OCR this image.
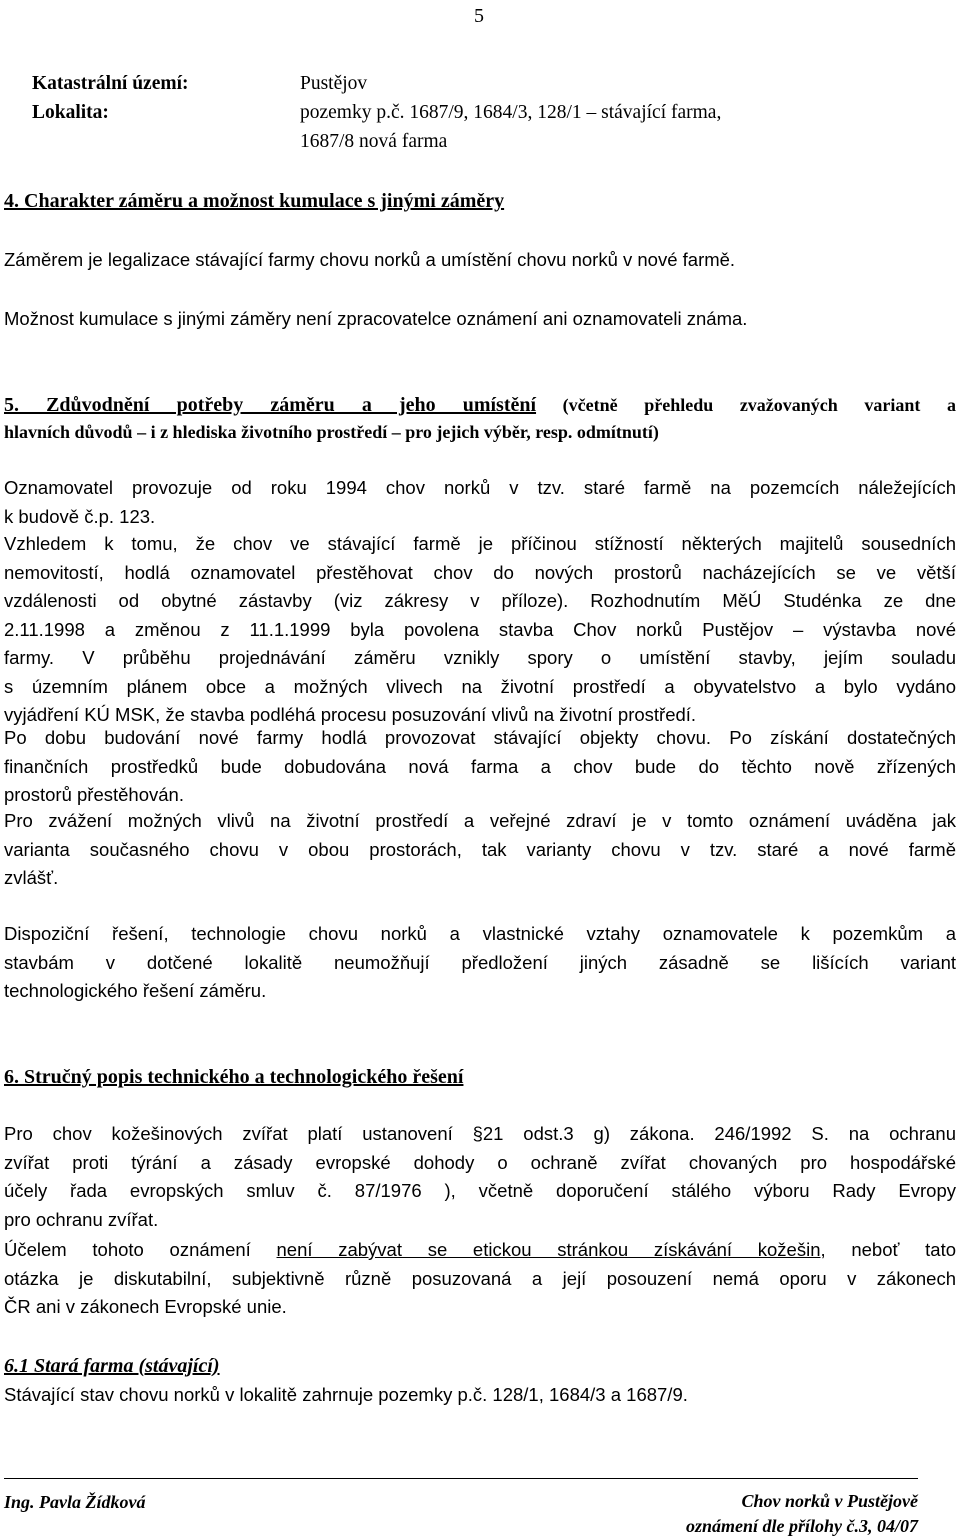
5
Katastrální území:
Lokalita:
Pustějov
pozemky p.č. 1687/9, 1684/3, 128/1 – stávající farma,
1687/8 nová farma
4. Charakter záměru a možnost kumulace s jinými záměry
Záměrem je legalizace stávající farmy chovu norků a umístění chovu norků v nové farmě.
Možnost kumulace s jinými záměry není zpracovatelce oznámení ani oznamovateli známa.
5. Zdůvodnění potřeby záměru a jeho umístění (včetně přehledu zvažovaných variant a
hlavních důvodů – i z hlediska životního prostředí – pro jejich výběr, resp. odmítnutí)
Oznamovatel provozuje od roku 1994 chov norků v tzv. staré farmě na pozemcích náležejících
k budově č.p. 123.
Vzhledem k tomu, že chov ve stávající farmě je příčinou stížností některých majitelů sousedních
nemovitostí, hodlá oznamovatel přestěhovat chov do nových prostorů nacházejících se ve větší
vzdálenosti od obytné zástavby (viz zákresy v příloze). Rozhodnutím MěÚ Studénka ze dne
2.11.1998 a změnou z 11.1.1999 byla povolena stavba Chov norků Pustějov – výstavba nové
farmy. V průběhu projednávání záměru vznikly spory o umístění stavby, jejím souladu
s územním plánem obce a možných vlivech na životní prostředí a obyvatelstvo a bylo vydáno
vyjádření KÚ MSK, že stavba podléhá procesu posuzování vlivů na životní prostředí.
Po dobu budování nové farmy hodlá provozovat stávající objekty chovu. Po získání dostatečných
finančních prostředků bude dobudována nová farma a chov bude do těchto nově zřízených
prostorů přestěhován.
Pro zvážení možných vlivů na životní prostředí a veřejné zdraví je v tomto oznámení uváděna jak
varianta současného chovu v obou prostorách, tak varianty chovu v tzv. staré a nové farmě
zvlášť.
Dispoziční řešení, technologie chovu norků a vlastnické vztahy oznamovatele k pozemkům a
stavbám v dotčené lokalitě neumožňují předložení jiných zásadně se lišících variant
technologického řešení záměru.
6. Stručný popis technického a technologického řešení
Pro chov kožešinových zvířat platí ustanovení §21 odst.3 g) zákona. 246/1992 S. na ochranu
zvířat proti týrání a zásady evropské dohody o ochraně zvířat chovaných pro hospodářské
účely řada evropských smluv č. 87/1976 ), včetně doporučení stálého výboru Rady Evropy
pro ochranu zvířat.
Účelem tohoto oznámení není zabývat se etickou stránkou získávání kožešin, neboť tato
otázka je diskutabilní, subjektivně různě posuzovaná a její posouzení nemá oporu v zákonech
ČR ani v zákonech Evropské unie.
6.1 Stará farma (stávající)
Stávající stav chovu norků v lokalitě zahrnuje pozemky p.č. 128/1, 1684/3 a 1687/9.
Ing. Pavla Žídková	Chov norků v Pustějově
oznámení dle přílohy č.3, 04/07
